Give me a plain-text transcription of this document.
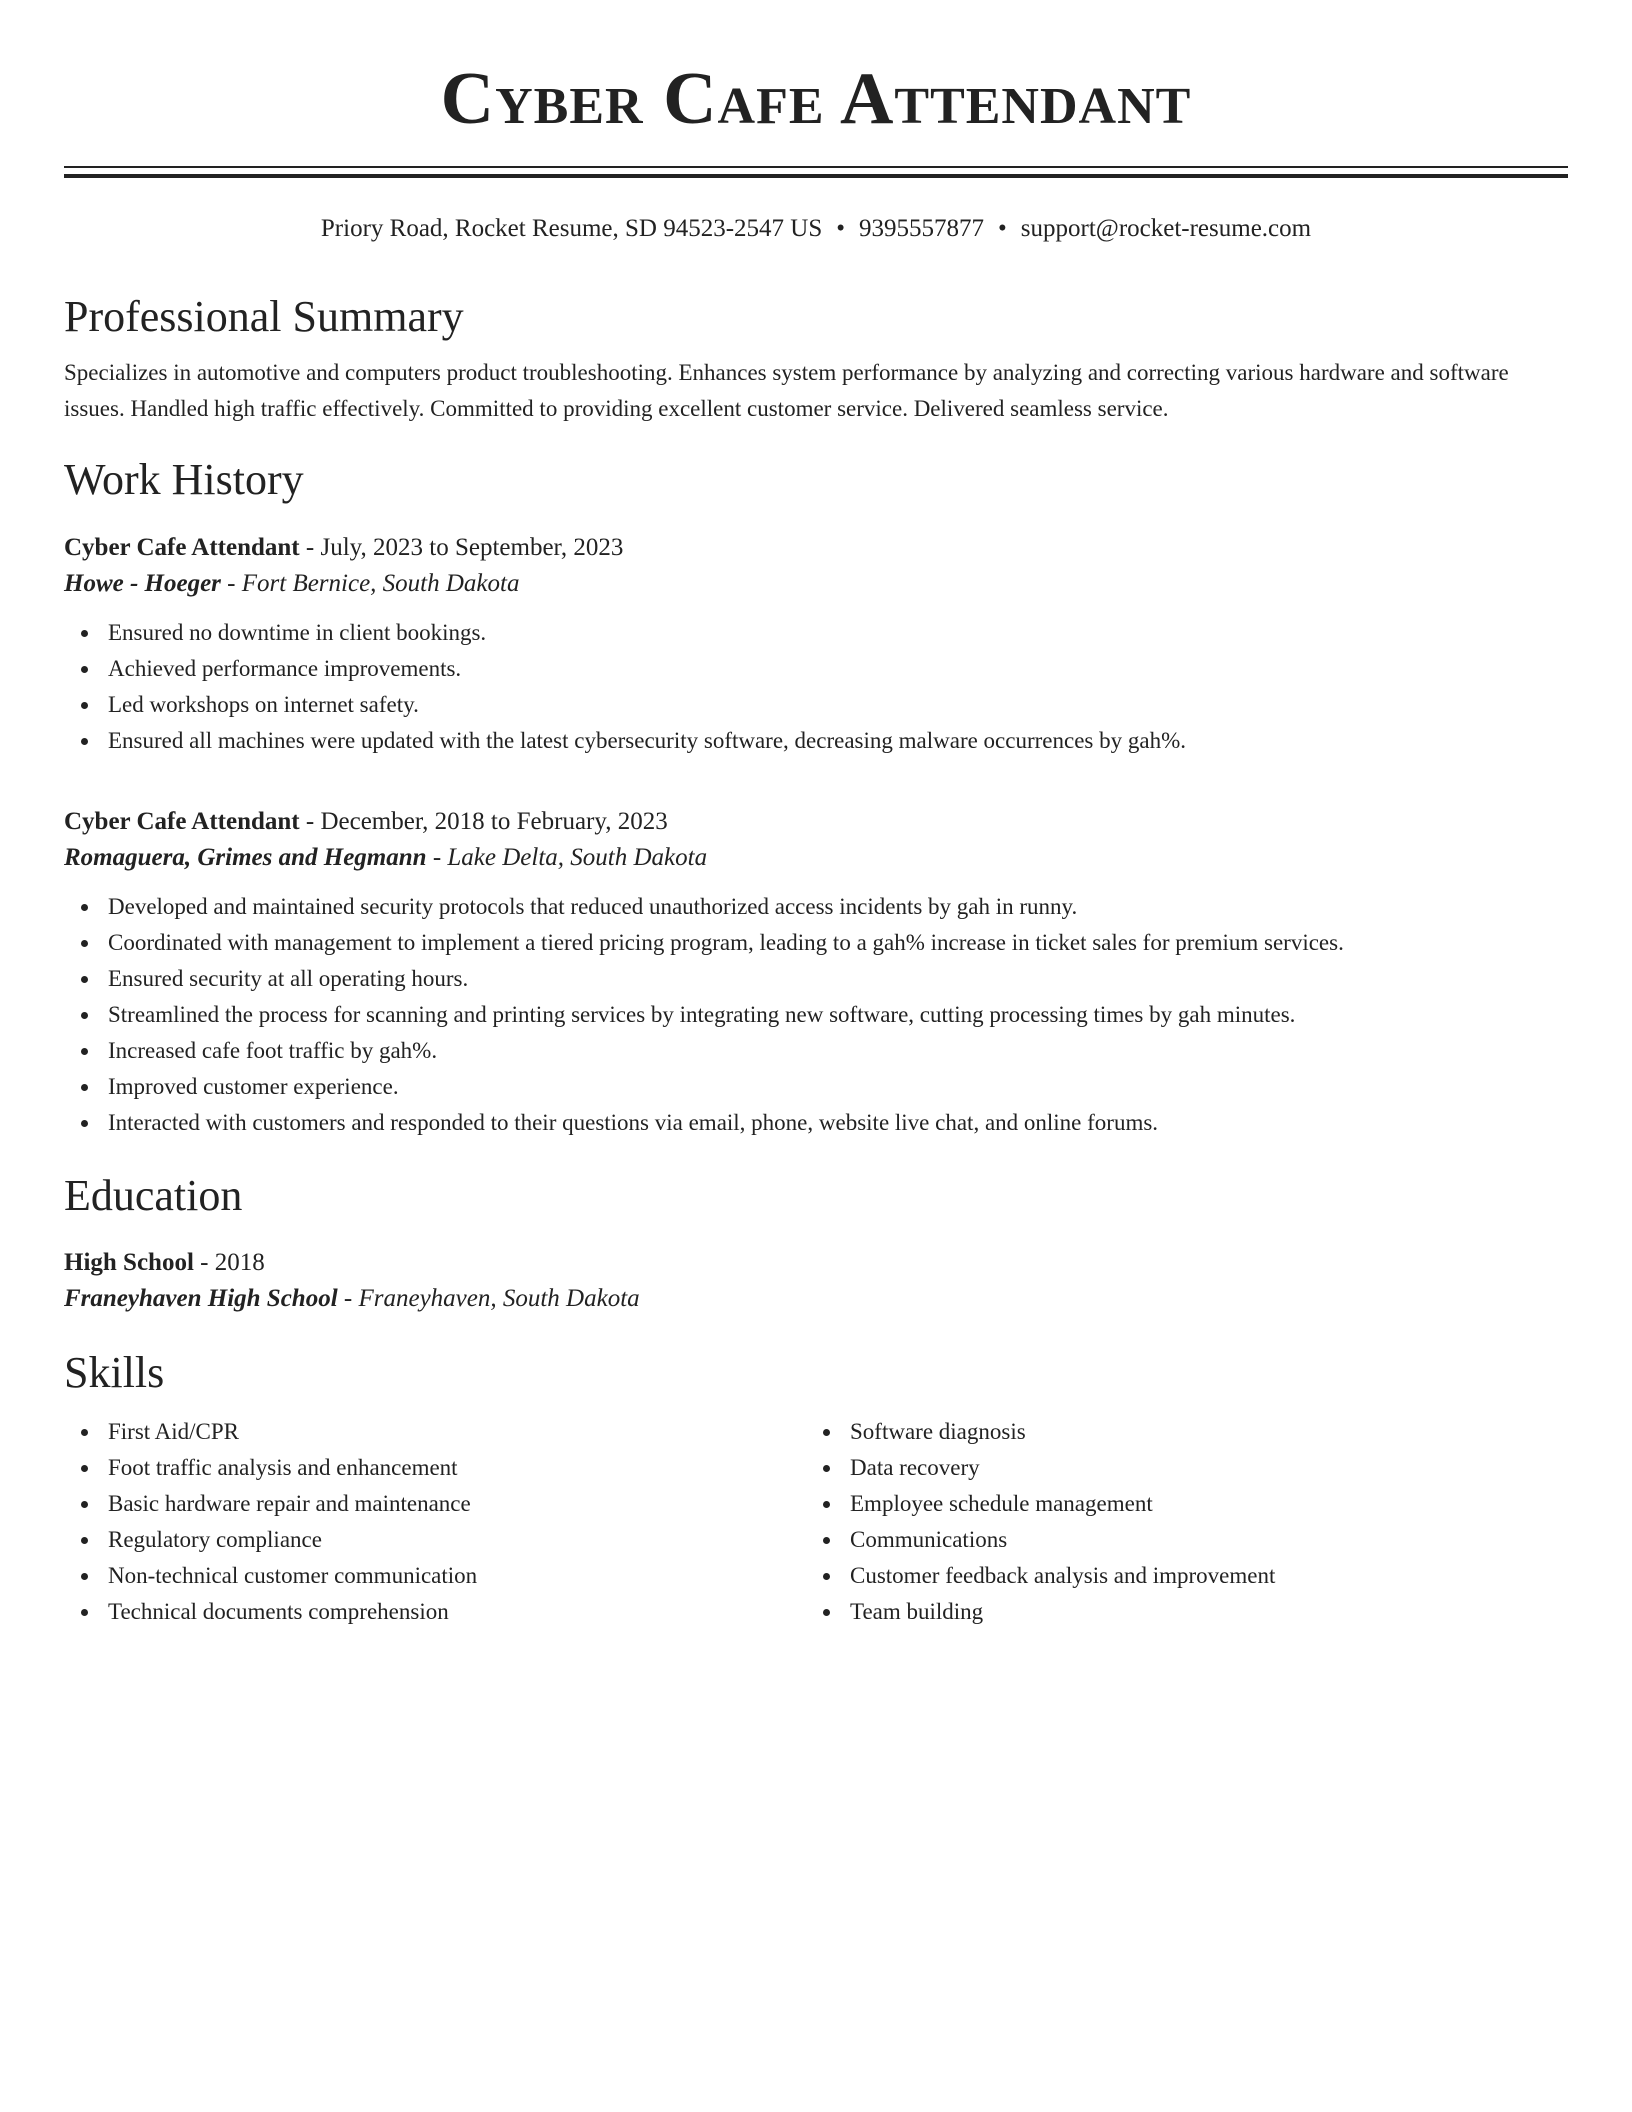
Cyber Cafe Attendant
Priory Road, Rocket Resume, SD 94523-2547 US • 9395557877 • support@rocket-resume.com
Professional Summary
Specializes in automotive and computers product troubleshooting. Enhances system performance by analyzing and correcting various hardware and software issues. Handled high traffic effectively. Committed to providing excellent customer service. Delivered seamless service.
Work History
Cyber Cafe Attendant - July, 2023 to September, 2023
Howe - Hoeger - Fort Bernice, South Dakota
Ensured no downtime in client bookings.
Achieved performance improvements.
Led workshops on internet safety.
Ensured all machines were updated with the latest cybersecurity software, decreasing malware occurrences by gah%.
Cyber Cafe Attendant - December, 2018 to February, 2023
Romaguera, Grimes and Hegmann - Lake Delta, South Dakota
Developed and maintained security protocols that reduced unauthorized access incidents by gah in runny.
Coordinated with management to implement a tiered pricing program, leading to a gah% increase in ticket sales for premium services.
Ensured security at all operating hours.
Streamlined the process for scanning and printing services by integrating new software, cutting processing times by gah minutes.
Increased cafe foot traffic by gah%.
Improved customer experience.
Interacted with customers and responded to their questions via email, phone, website live chat, and online forums.
Education
High School - 2018
Franeyhaven High School - Franeyhaven, South Dakota
Skills
First Aid/CPR
Foot traffic analysis and enhancement
Basic hardware repair and maintenance
Regulatory compliance
Non-technical customer communication
Technical documents comprehension
Software diagnosis
Data recovery
Employee schedule management
Communications
Customer feedback analysis and improvement
Team building
